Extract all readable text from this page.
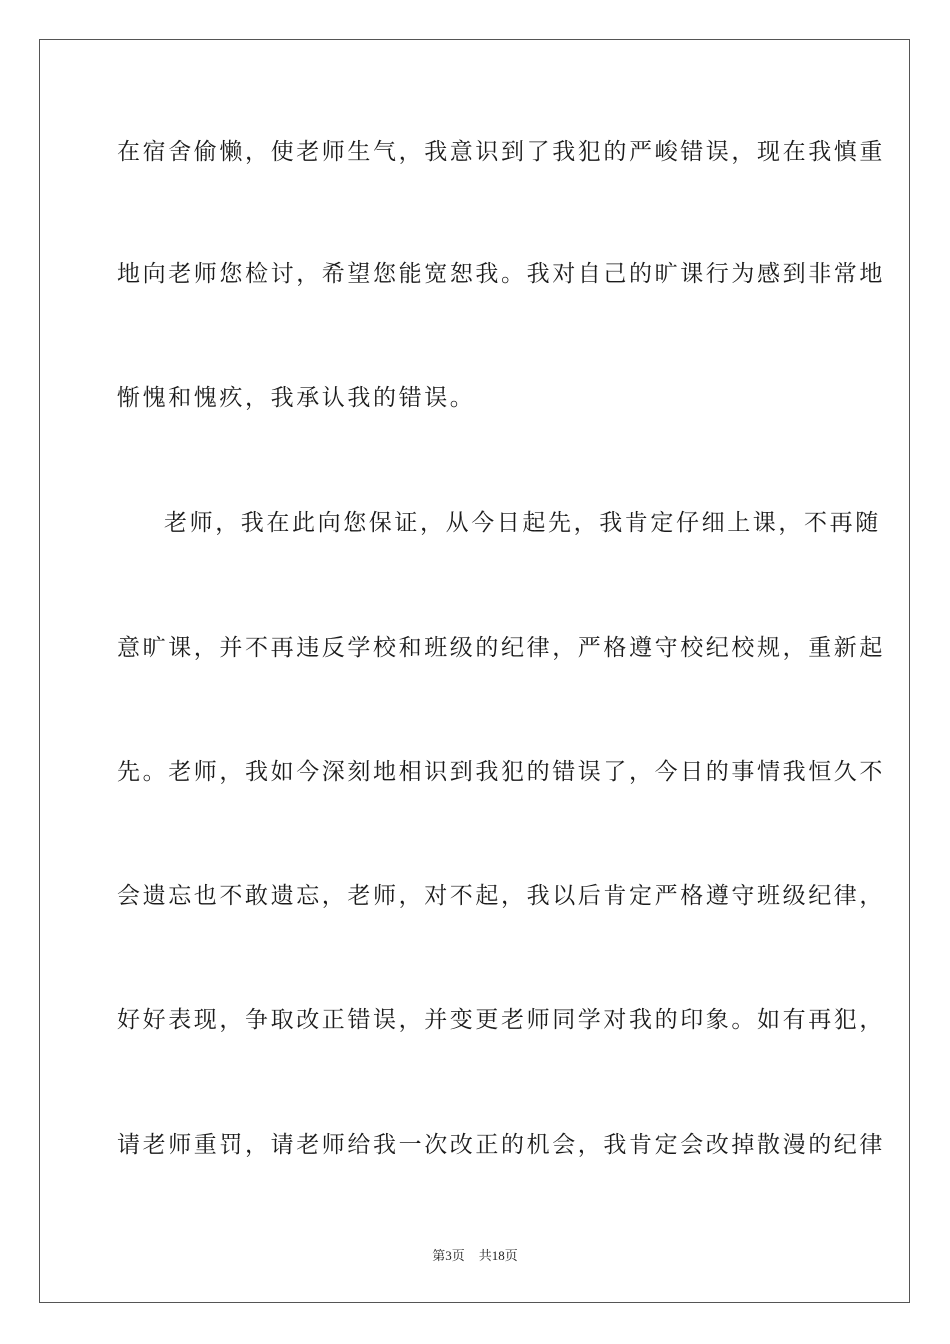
在宿舍偷懒，使老师生气，我意识到了我犯的严峻错误，现在我慎重
地向老师您检讨，希望您能宽恕我。我对自己的旷课行为感到非常地
惭愧和愧疚，我承认我的错误。
老师，我在此向您保证，从今日起先，我肯定仔细上课，不再随
意旷课，并不再违反学校和班级的纪律，严格遵守校纪校规，重新起
先。老师，我如今深刻地相识到我犯的错误了，今日的事情我恒久不
会遗忘也不敢遗忘，老师，对不起，我以后肯定严格遵守班级纪律，
好好表现，争取改正错误，并变更老师同学对我的印象。如有再犯，
请老师重罚，请老师给我一次改正的机会，我肯定会改掉散漫的纪律
第3页 共18页
